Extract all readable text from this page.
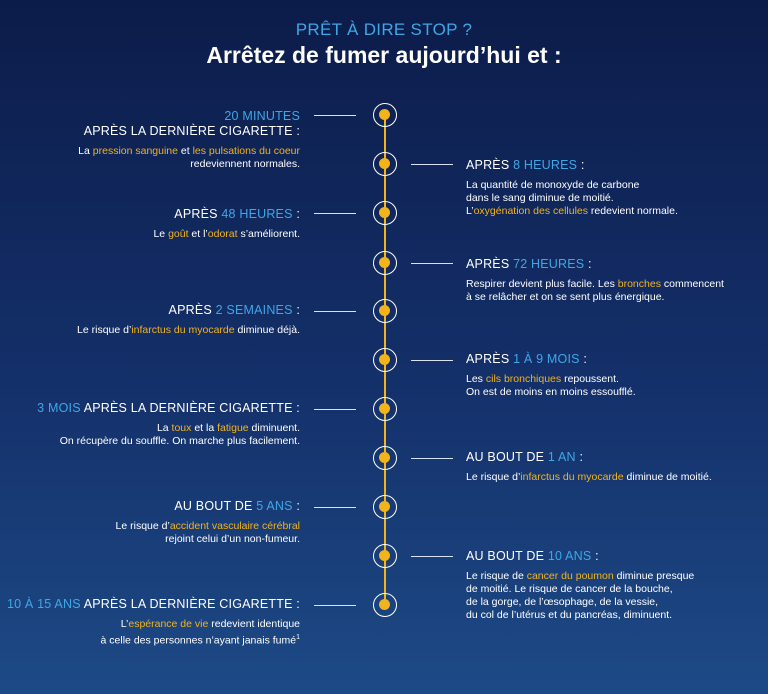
PRÊT À DIRE STOP ?
Arrêtez de fumer aujourd’hui et :
20 MINUTES
APRÈS LA DERNIÈRE CIGARETTE :
La pression sanguine et les pulsations du coeur
redeviennent normales.	APRÈS 8 HEURES :
La quantité de monoxyde de carbone
dans le sang diminue de moitié.
L’oxygénation des cellules redevient normale.
APRÈS 48 HEURES :
Le goût et l’odorat s’améliorent.
APRÈS 72 HEURES :
Respirer devient plus facile. Les bronches commencent
à se relâcher et on se sent plus énergique.
APRÈS 2 SEMAINES :
Le risque d’infarctus du myocarde diminue déjà.
APRÈS 1 À 9 MOIS :
Les cils bronchiques repoussent.
On est de moins en moins essoufflé.
3 MOIS APRÈS LA DERNIÈRE CIGARETTE :
La toux et la fatigue diminuent.
On récupère du souffle. On marche plus facilement.
AU BOUT DE 1 AN :
Le risque d’infarctus du myocarde diminue de moitié.
AU BOUT DE 5 ANS :
Le risque d’accident vasculaire cérébral
rejoint celui d’un non-fumeur.
AU BOUT DE 10 ANS :
Le risque de cancer du poumon diminue presque
de moitié. Le risque de cancer de la bouche,
de la gorge, de l’œsophage, de la vessie,
du col de l’utérus et du pancréas, diminuent.
10 À 15 ANS APRÈS LA DERNIÈRE CIGARETTE :
L’espérance de vie redevient identique
à celle des personnes n’ayant janais fumé$^1$
